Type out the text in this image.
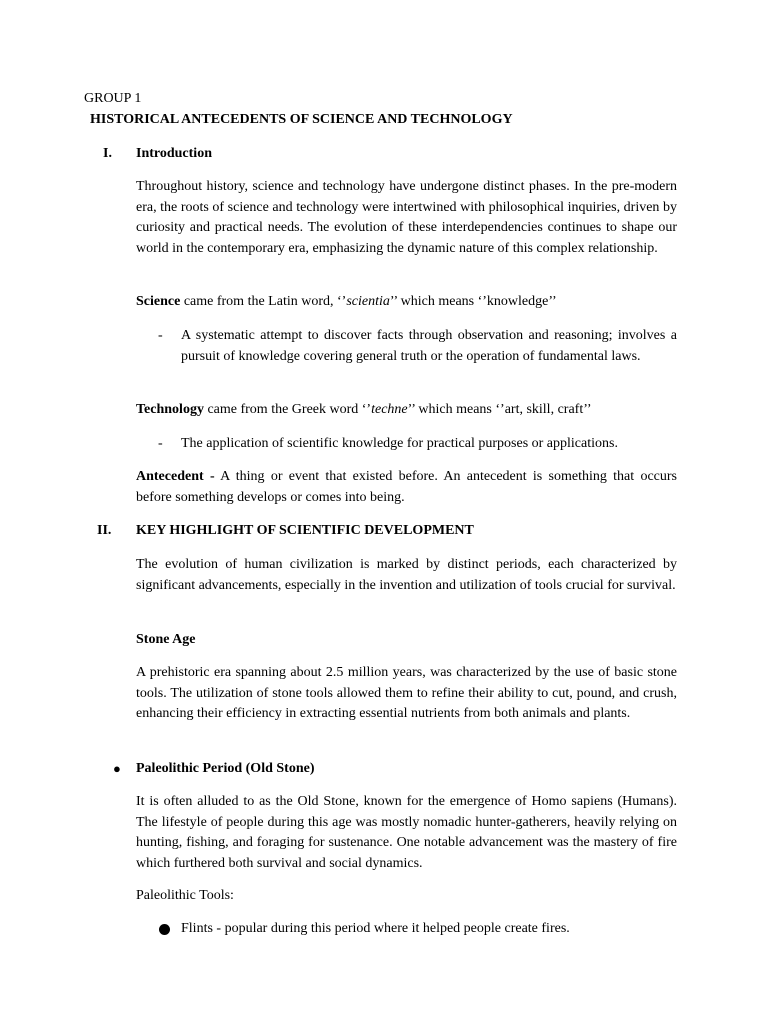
GROUP 1
HISTORICAL ANTECEDENTS OF SCIENCE AND TECHNOLOGY
I. Introduction

Throughout history, science and technology have undergone distinct phases. In the pre-modern era, the roots of science and technology were intertwined with philosophical inquiries, driven by curiosity and practical needs. The evolution of these interdependencies continues to shape our world in the contemporary era, emphasizing the dynamic nature of this complex relationship.

Science came from the Latin word, ‘’scientia’’ which means ‘’knowledge’’

- A systematic attempt to discover facts through observation and reasoning; involves a pursuit of knowledge covering general truth or the operation of fundamental laws.

Technology came from the Greek word ‘’techne’’ which means ‘’art, skill, craft’’

- The application of scientific knowledge for practical purposes or applications.

Antecedent - A thing or event that existed before. An antecedent is something that occurs before something develops or comes into being.

II. KEY HIGHLIGHT OF SCIENTIFIC DEVELOPMENT

The evolution of human civilization is marked by distinct periods, each characterized by significant advancements, especially in the invention and utilization of tools crucial for survival.

Stone Age

A prehistoric era spanning about 2.5 million years, was characterized by the use of basic stone tools. The utilization of stone tools allowed them to refine their ability to cut, pound, and crush, enhancing their efficiency in extracting essential nutrients from both animals and plants.

● Paleolithic Period (Old Stone)

It is often alluded to as the Old Stone, known for the emergence of Homo sapiens (Humans). The lifestyle of people during this age was mostly nomadic hunter-gatherers, heavily relying on hunting, fishing, and foraging for sustenance. One notable advancement was the mastery of fire which furthered both survival and social dynamics.

Paleolithic Tools:
Flints - popular during this period where it helped people create fires.
